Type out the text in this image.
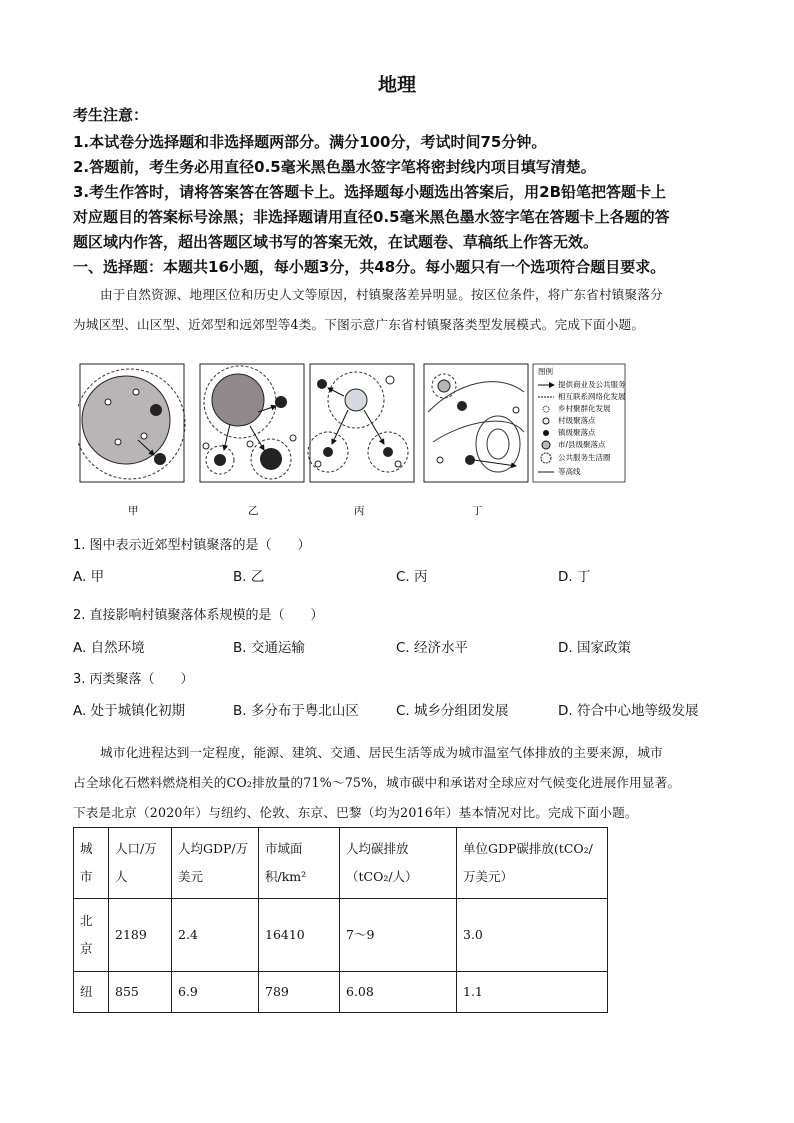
地理
考生注意：
1.本试卷分选择题和非选择题两部分。满分100分，考试时间75分钟。
2.答题前，考生务必用直径0.5毫米黑色墨水签字笔将密封线内项目填写清楚。
3.考生作答时，请将答案答在答题卡上。选择题每小题选出答案后，用2B铅笔把答题卡上
对应题目的答案标号涂黑；非选择题请用直径0.5毫米黑色墨水签字笔在答题卡上各题的答
题区域内作答，超出答题区域书写的答案无效，在试题卷、草稿纸上作答无效。
一、选择题：本题共16小题，每小题3分，共48分。每小题只有一个选项符合题目要求。
由于自然资源、地理区位和历史人文等原因，村镇聚落差异明显。按区位条件，将广东省村镇聚落分
为城区型、山区型、近郊型和远郊型等4类。下图示意广东省村镇聚落类型发展模式。完成下面小题。
图例
提供商业及公共服务
相互联系网络化发展
乡村聚群化发展
村级聚落点
镇级聚落点
市/县级聚落点
公共服务生活圈
等高线
甲	乙	丙	丁
1. 图中表示近郊型村镇聚落的是（　　）
A. 甲	B. 乙	C. 丙	D. 丁
2. 直接影响村镇聚落体系规模的是（　　）
A. 自然环境	B. 交通运输	C. 经济水平	D. 国家政策
3. 丙类聚落（　　）
A. 处于城镇化初期	B. 多分布于粤北山区	C. 城乡分组团发展	D. 符合中心地等级发展
城市化进程达到一定程度，能源、建筑、交通、居民生活等成为城市温室气体排放的主要来源，城市
占全球化石燃料燃烧相关的CO₂排放量的71%～75%，城市碳中和承诺对全球应对气候变化进展作用显著。
下表是北京（2020年）与纽约、伦敦、东京、巴黎（均为2016年）基本情况对比。完成下面小题。
城市	人口/万人	人均GDP/万美元	市域面积/km²	人均碳排放（tCO₂/人）	单位GDP碳排放(tCO₂/万美元）
北京	2189	2.4	16410	7～9	3.0
纽	855	6.9	789	6.08	1.1
